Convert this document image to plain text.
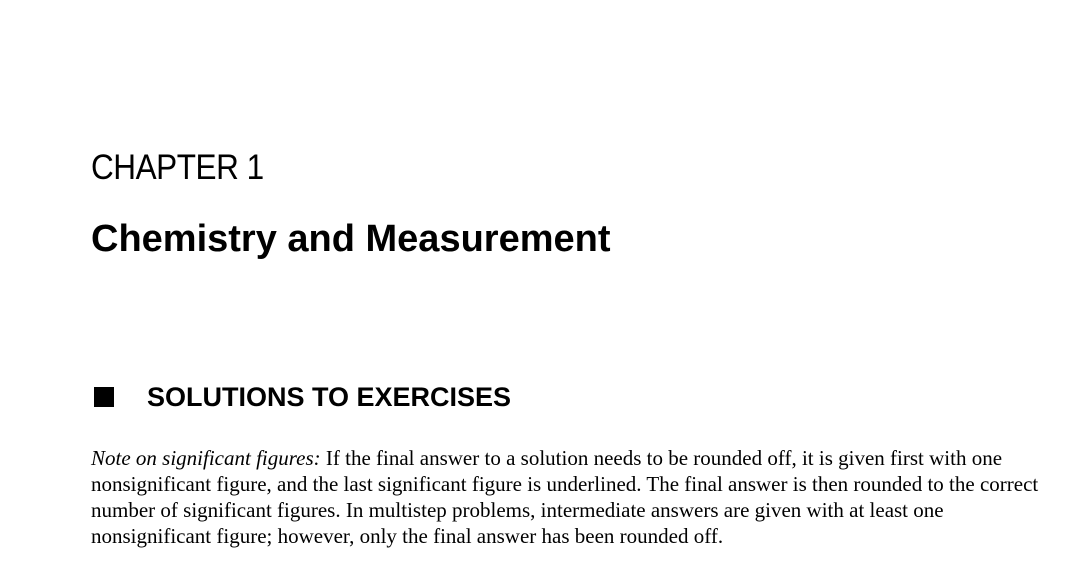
CHAPTER 1
Chemistry and Measurement
SOLUTIONS TO EXERCISES

Note on significant figures: If the final answer to a solution needs to be rounded off, it is given first with one nonsignificant figure, and the last significant figure is underlined. The final answer is then rounded to the correct number of significant figures. In multistep problems, intermediate answers are given with at least one nonsignificant figure; however, only the final answer has been rounded off.
